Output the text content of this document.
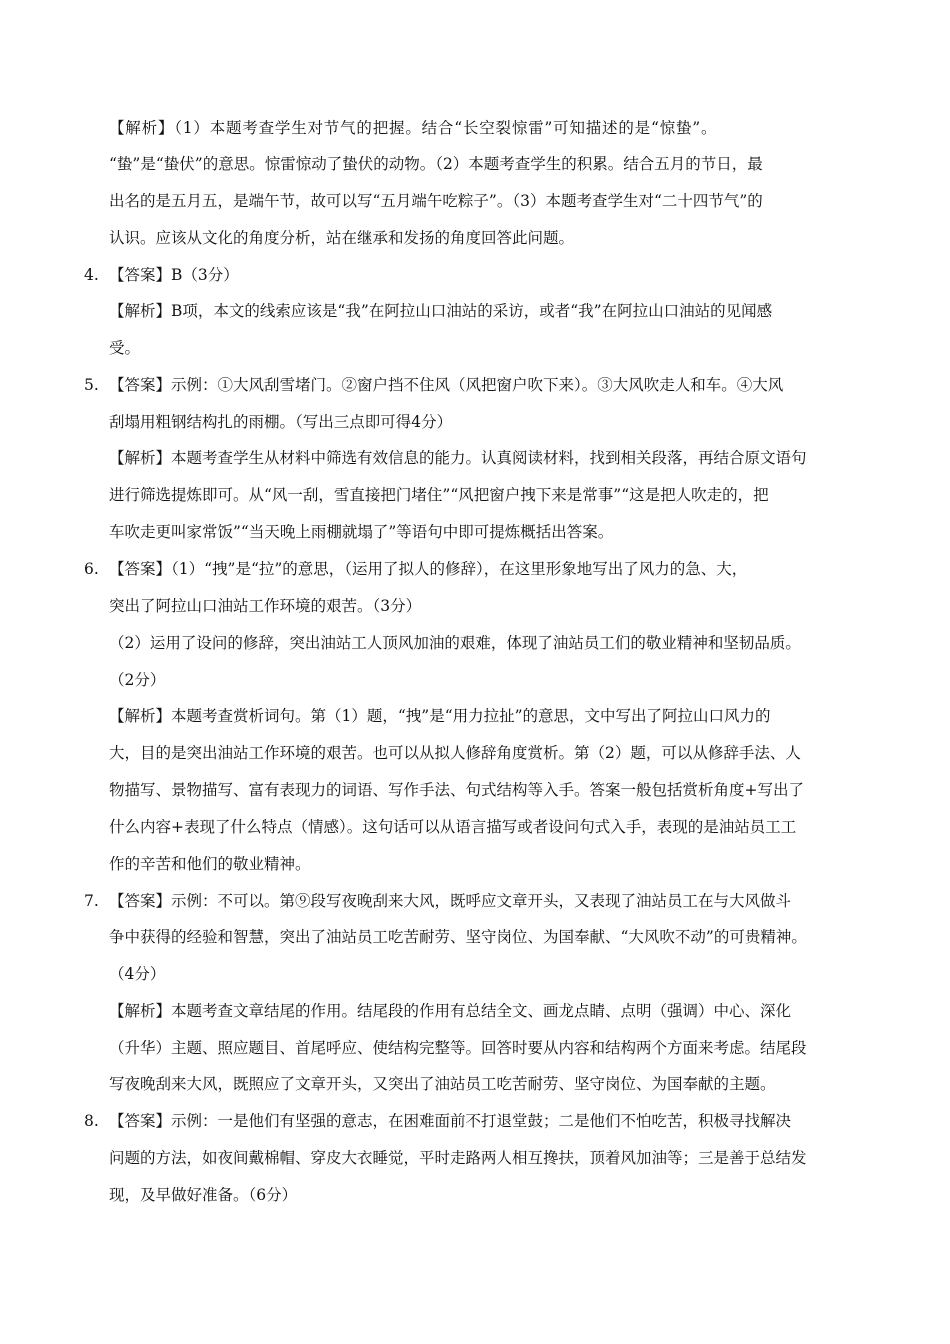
【解析】（1）本题考查学生对节气的把握。结合“长空裂惊雷”可知描述的是“惊蛰”。
“蛰”是“蛰伏”的意思。惊雷惊动了蛰伏的动物。（2）本题考查学生的积累。结合五月的节日，最
出名的是五月五，是端午节，故可以写“五月端午吃粽子”。（3）本题考查学生对“二十四节气”的
认识。应该从文化的角度分析，站在继承和发扬的角度回答此问题。
4. 【答案】B（3分）
【解析】B项，本文的线索应该是“我”在阿拉山口油站的采访，或者“我”在阿拉山口油站的见闻感
受。
5. 【答案】示例：①大风刮雪堵门。②窗户挡不住风（风把窗户吹下来）。③大风吹走人和车。④大风
刮塌用粗钢结构扎的雨棚。（写出三点即可得4分）
【解析】本题考查学生从材料中筛选有效信息的能力。认真阅读材料，找到相关段落，再结合原文语句
进行筛选提炼即可。从“风一刮，雪直接把门堵住”“风把窗户拽下来是常事”“这是把人吹走的，把
车吹走更叫家常饭”“当天晚上雨棚就塌了”等语句中即可提炼概括出答案。
6. 【答案】（1）“拽”是“拉”的意思，（运用了拟人的修辞），在这里形象地写出了风力的急、大，
突出了阿拉山口油站工作环境的艰苦。（3分）
（2）运用了设问的修辞，突出油站工人顶风加油的艰难，体现了油站员工们的敬业精神和坚韧品质。
（2分）
【解析】本题考查赏析词句。第（1）题，“拽”是“用力拉扯”的意思，文中写出了阿拉山口风力的
大，目的是突出油站工作环境的艰苦。也可以从拟人修辞角度赏析。第（2）题，可以从修辞手法、人
物描写、景物描写、富有表现力的词语、写作手法、句式结构等入手。答案一般包括赏析角度+写出了
什么内容+表现了什么特点（情感）。这句话可以从语言描写或者设问句式入手，表现的是油站员工工
作的辛苦和他们的敬业精神。
7. 【答案】示例：不可以。第⑨段写夜晚刮来大风，既呼应文章开头，又表现了油站员工在与大风做斗
争中获得的经验和智慧，突出了油站员工吃苦耐劳、坚守岗位、为国奉献、“大风吹不动”的可贵精神。
（4分）
【解析】本题考查文章结尾的作用。结尾段的作用有总结全文、画龙点睛、点明（强调）中心、深化
（升华）主题、照应题目、首尾呼应、使结构完整等。回答时要从内容和结构两个方面来考虑。结尾段
写夜晚刮来大风，既照应了文章开头，又突出了油站员工吃苦耐劳、坚守岗位、为国奉献的主题。
8. 【答案】示例：一是他们有坚强的意志，在困难面前不打退堂鼓；二是他们不怕吃苦，积极寻找解决
问题的方法，如夜间戴棉帽、穿皮大衣睡觉，平时走路两人相互搀扶，顶着风加油等；三是善于总结发
现，及早做好准备。（6分）
